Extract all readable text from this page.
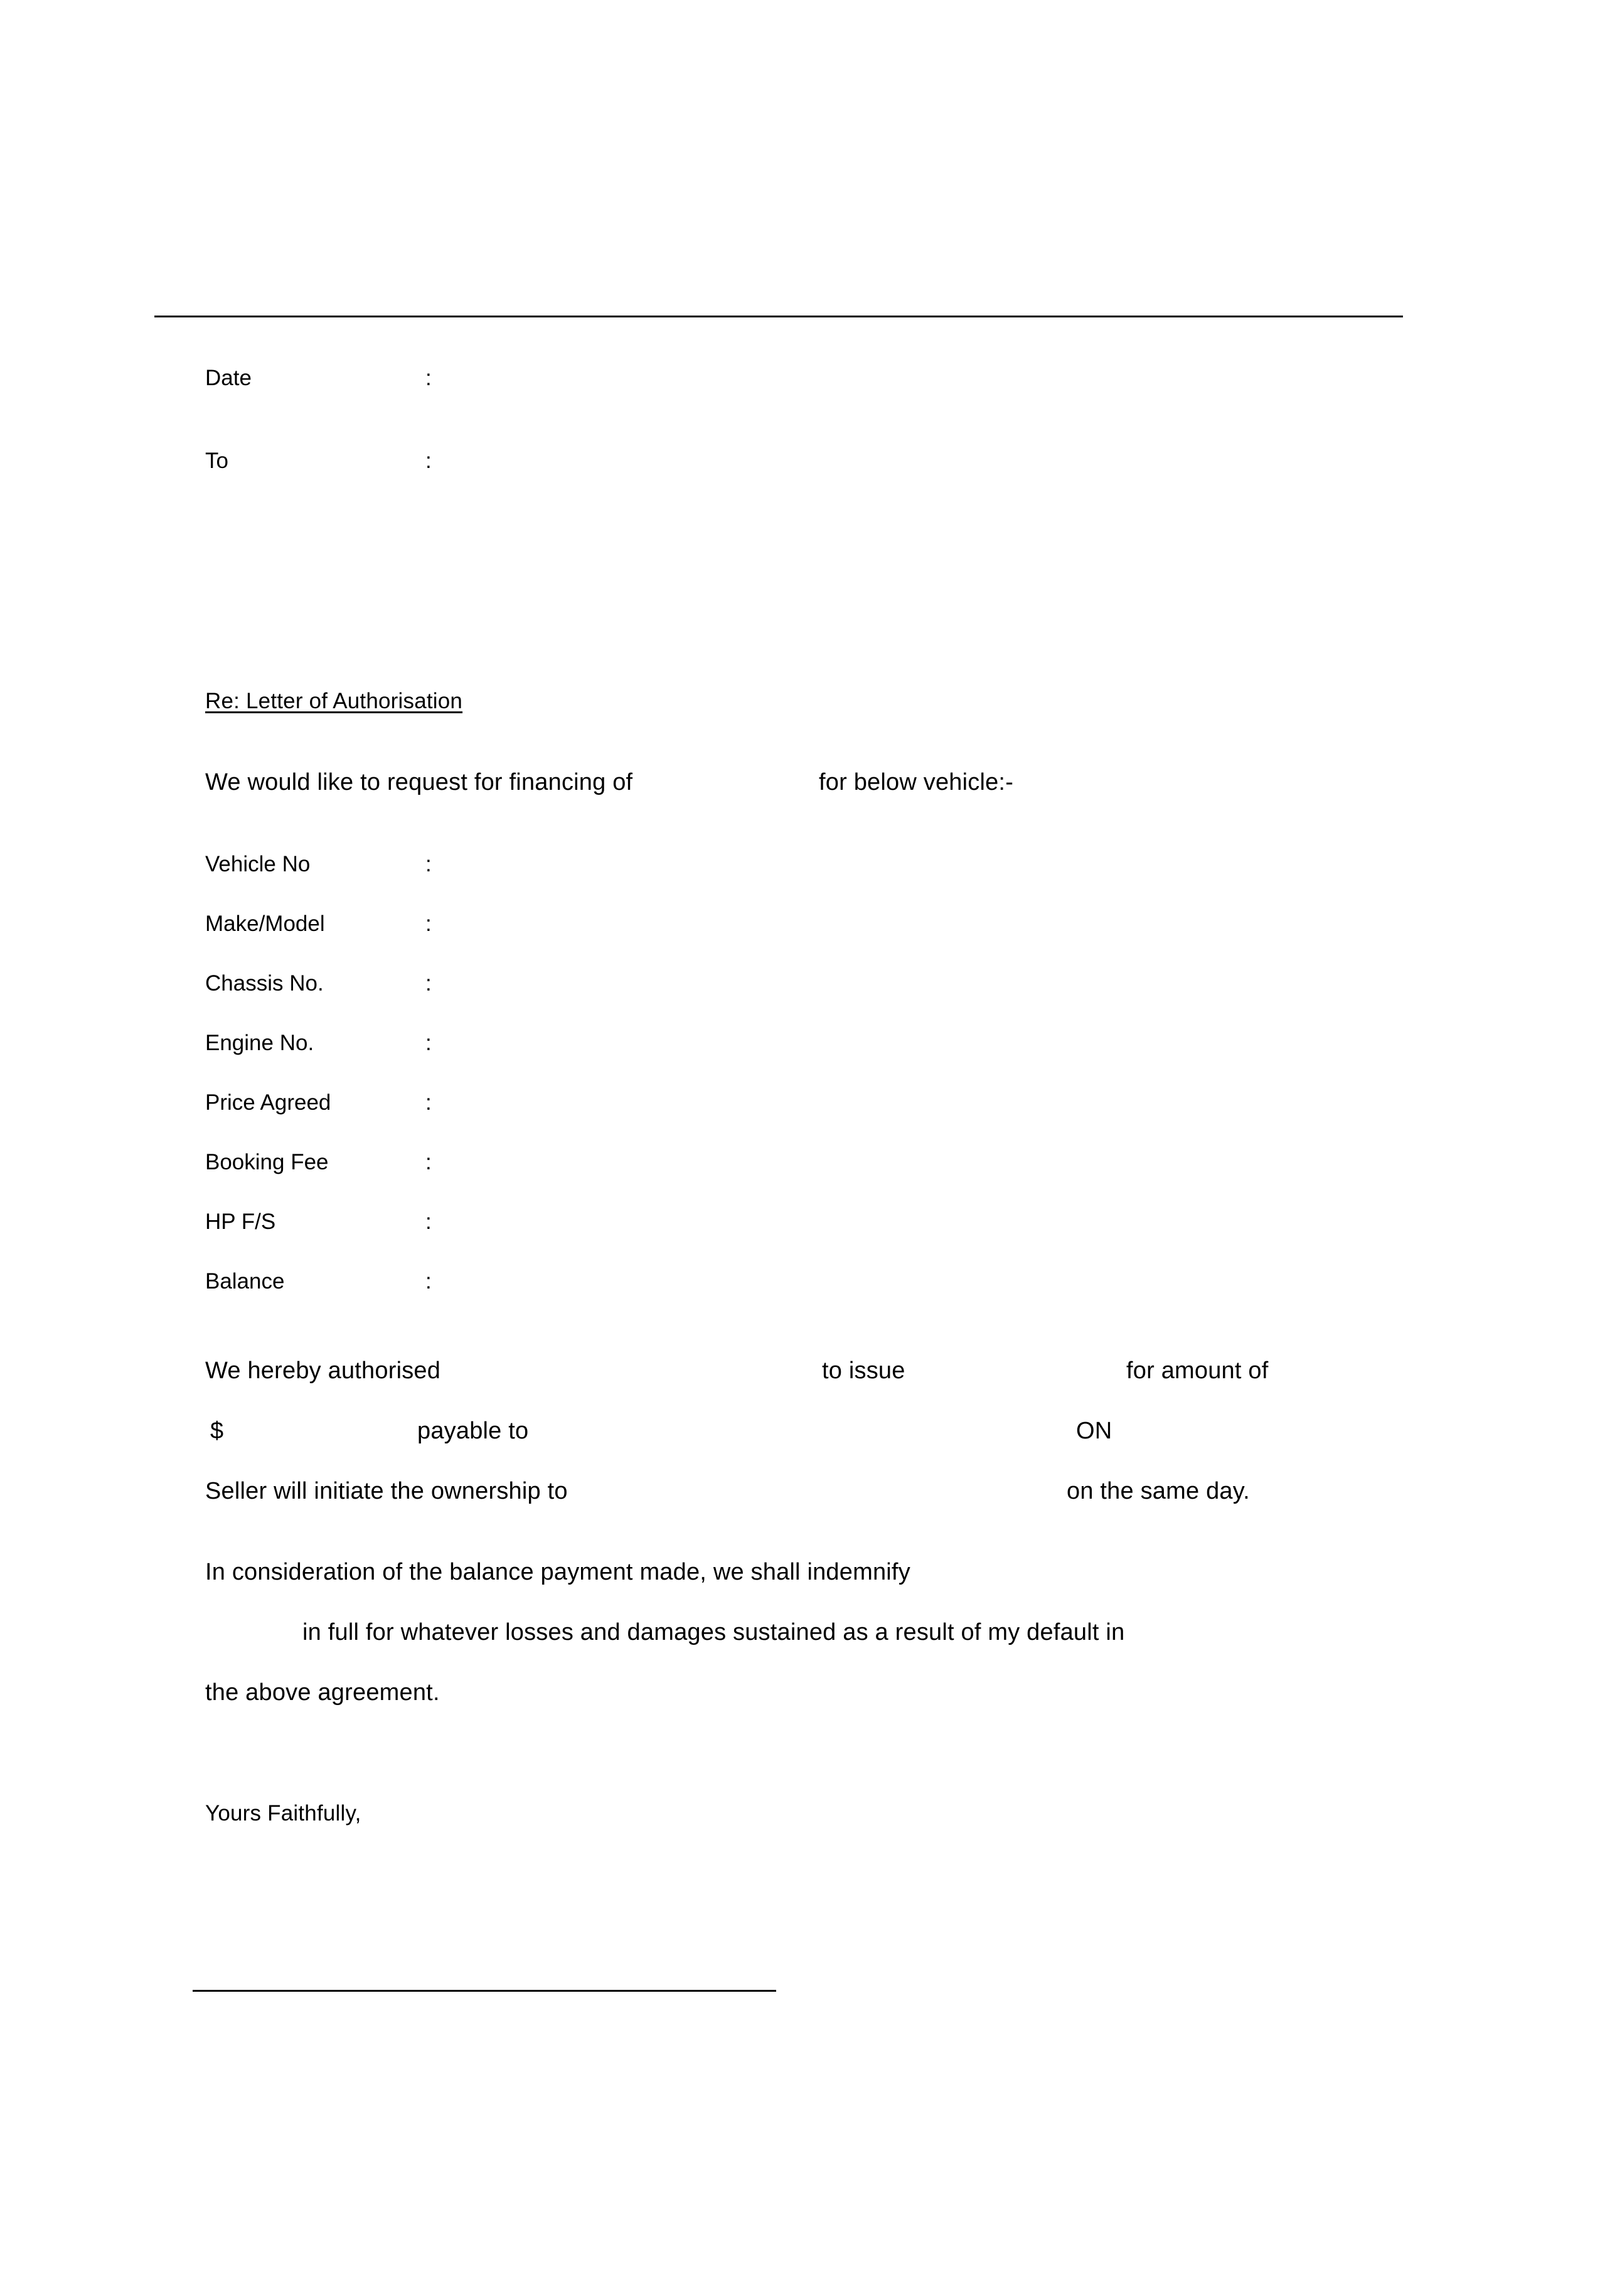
Date	:
To	:
Re: Letter of Authorisation
We would like to request for financing of	for below vehicle:-
Vehicle No	:
Make/Model	:
Chassis No.	:
Engine No.	:
Price Agreed	:
Booking Fee	:
HP F/S	:
Balance	:
We hereby authorised	to issue	for amount of
$	payable to	ON
Seller will initiate the ownership to	on the same day.
In consideration of the balance payment made, we shall indemnify
in full for whatever losses and damages sustained as a result of my default in
the above agreement.
Yours Faithfully,
